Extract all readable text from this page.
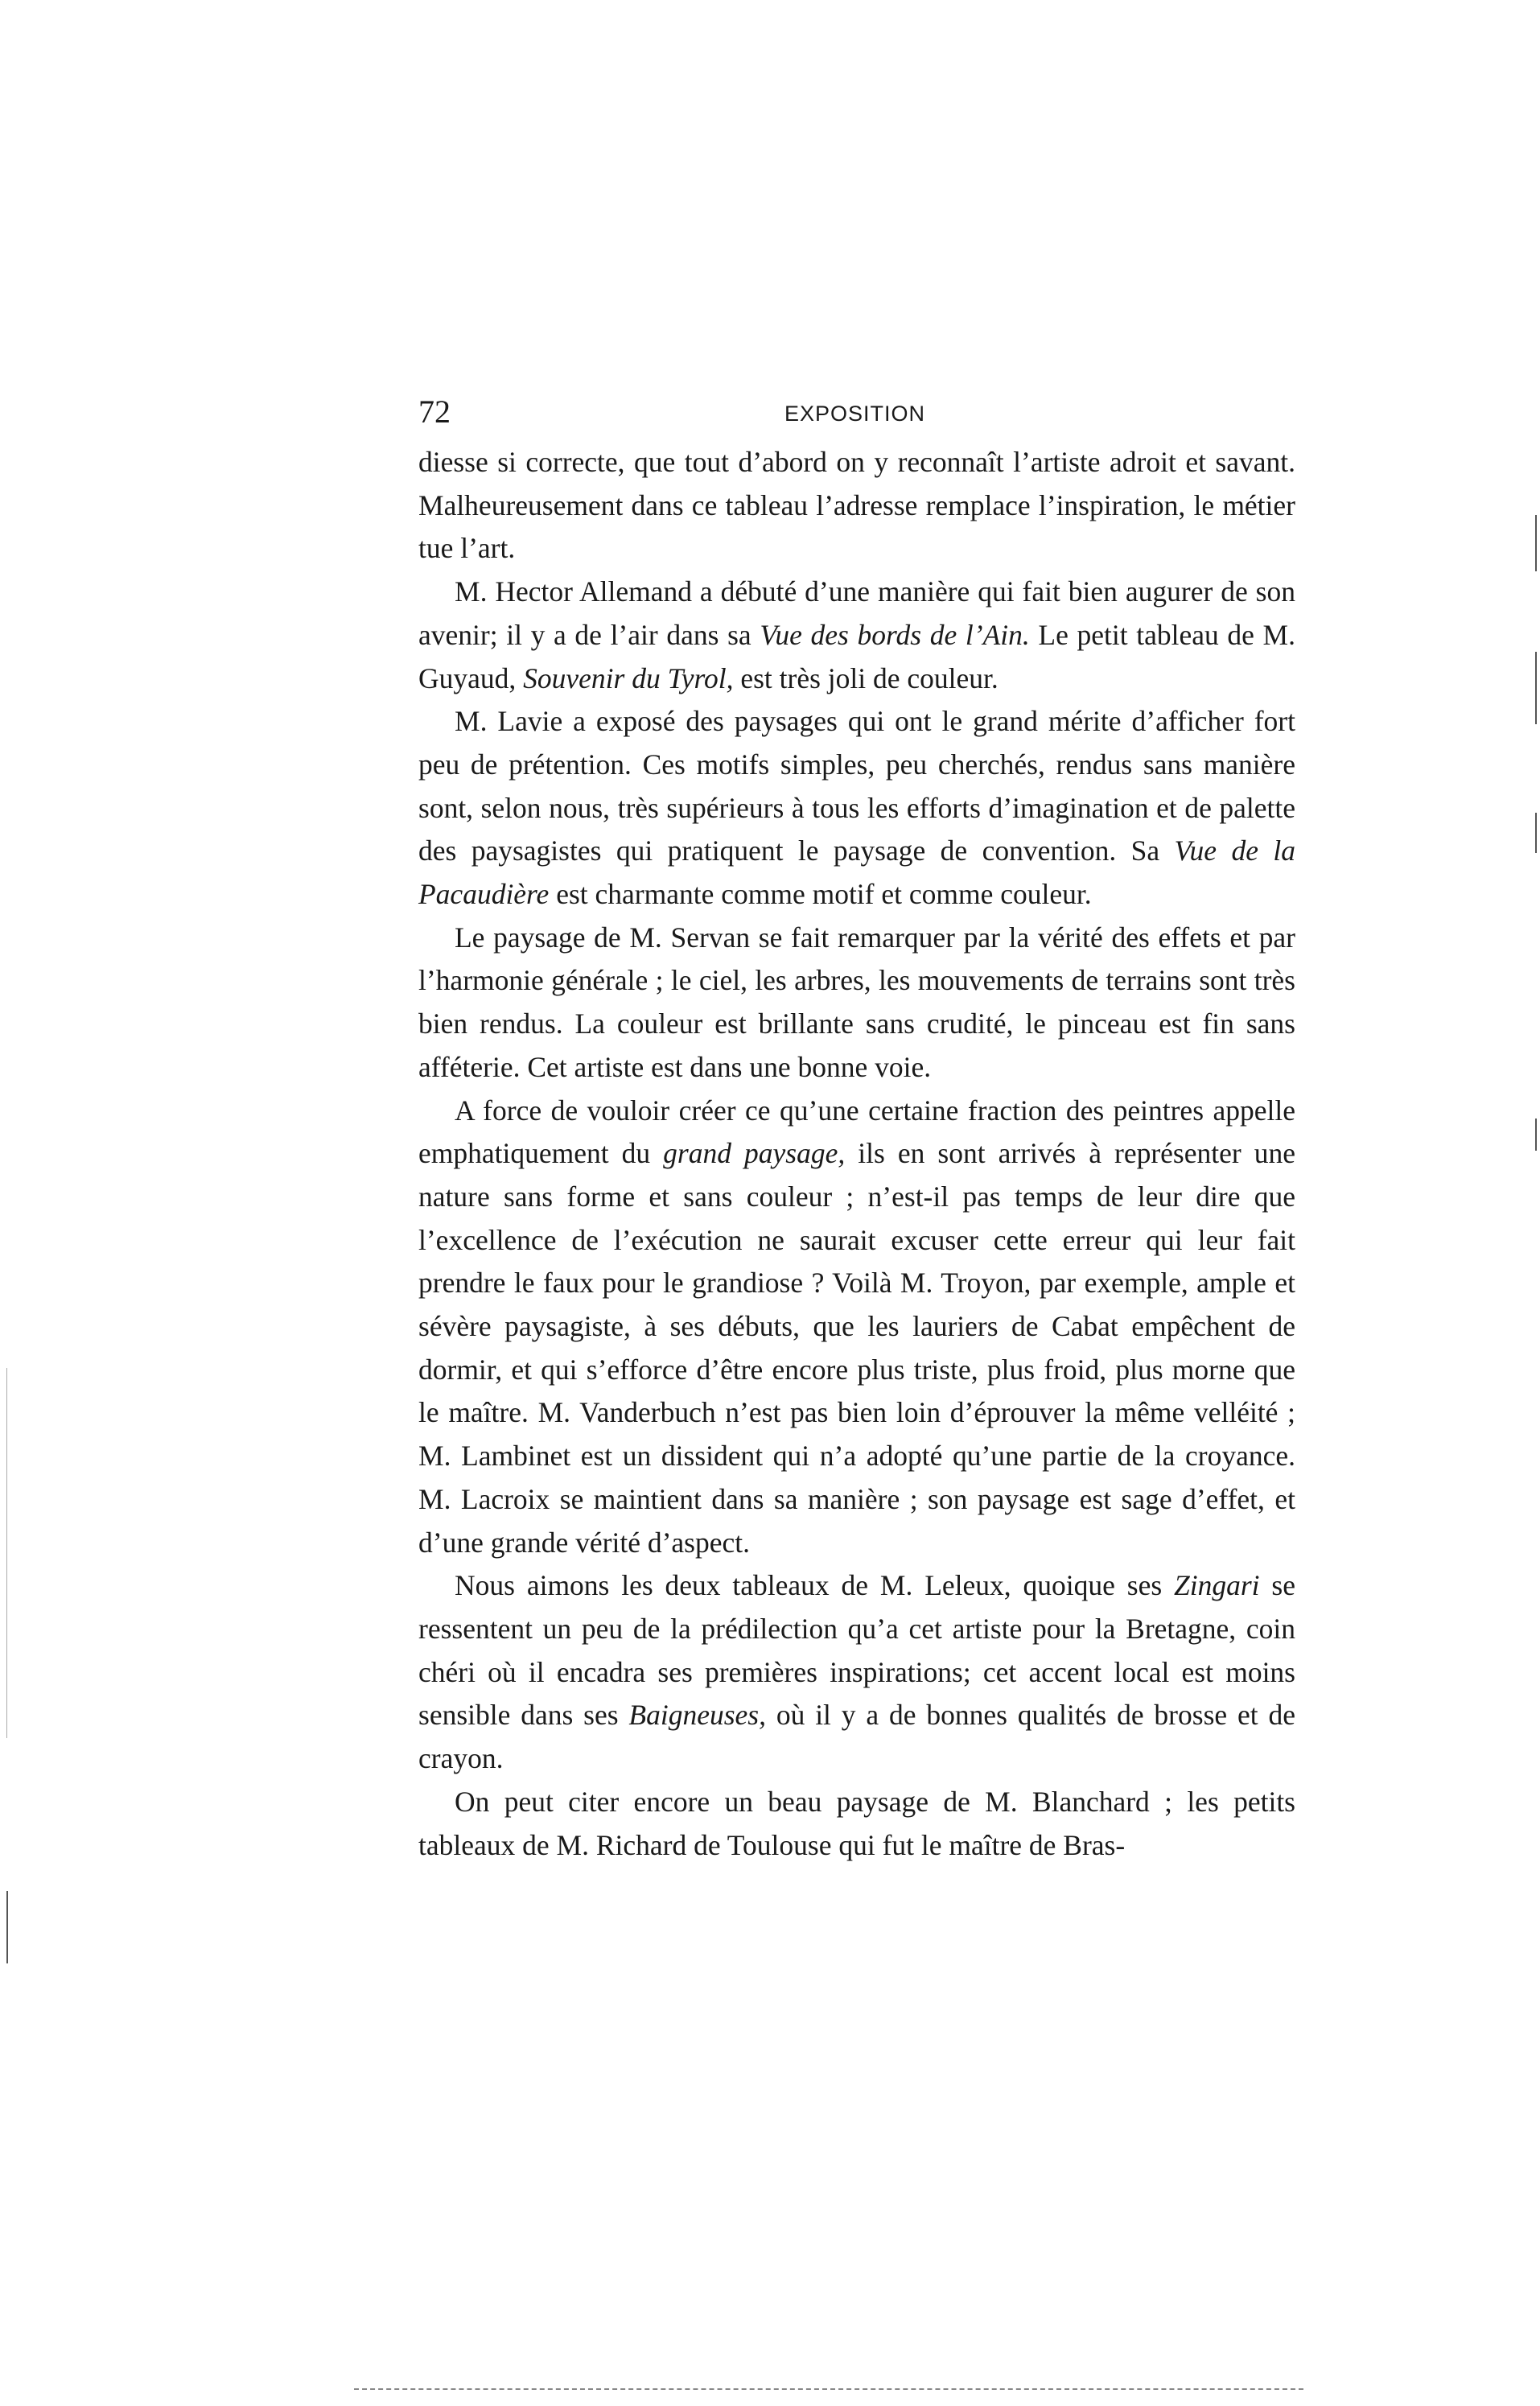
72	EXPOSITION

diesse si correcte, que tout d’abord on y reconnaît l’artiste adroit et savant. Malheureusement dans ce tableau l’adresse remplace l’inspiration, le métier tue l’art.

M. Hector Allemand a débuté d’une manière qui fait bien augurer de son avenir; il y a de l’air dans sa Vue des bords de l’Ain. Le petit tableau de M. Guyaud, Souvenir du Tyrol, est très joli de couleur.

M. Lavie a exposé des paysages qui ont le grand mérite d’afficher fort peu de prétention. Ces motifs simples, peu cherchés, rendus sans manière sont, selon nous, très supérieurs à tous les efforts d’imagination et de palette des paysagistes qui pratiquent le paysage de convention. Sa Vue de la Pacaudière est charmante comme motif et comme couleur.

Le paysage de M. Servan se fait remarquer par la vérité des effets et par l’harmonie générale ; le ciel, les arbres, les mouvements de terrains sont très bien rendus. La couleur est brillante sans crudité, le pinceau est fin sans afféterie. Cet artiste est dans une bonne voie.

A force de vouloir créer ce qu’une certaine fraction des peintres appelle emphatiquement du grand paysage, ils en sont arrivés à représenter une nature sans forme et sans couleur ; n’est-il pas temps de leur dire que l’excellence de l’exécution ne saurait excuser cette erreur qui leur fait prendre le faux pour le grandiose ? Voilà M. Troyon, par exemple, ample et sévère paysagiste, à ses débuts, que les lauriers de Cabat empêchent de dormir, et qui s’efforce d’être encore plus triste, plus froid, plus morne que le maître. M. Vanderbuch n’est pas bien loin d’éprouver la même velléité ; M. Lambinet est un dissident qui n’a adopté qu’une partie de la croyance. M. Lacroix se maintient dans sa manière ; son paysage est sage d’effet, et d’une grande vérité d’aspect.

Nous aimons les deux tableaux de M. Leleux, quoique ses Zingari se ressentent un peu de la prédilection qu’a cet artiste pour la Bretagne, coin chéri où il encadra ses premières inspirations; cet accent local est moins sensible dans ses Baigneuses, où il y a de bonnes qualités de brosse et de crayon.

On peut citer encore un beau paysage de M. Blanchard ; les petits tableaux de M. Richard de Toulouse qui fut le maître de Bras-
